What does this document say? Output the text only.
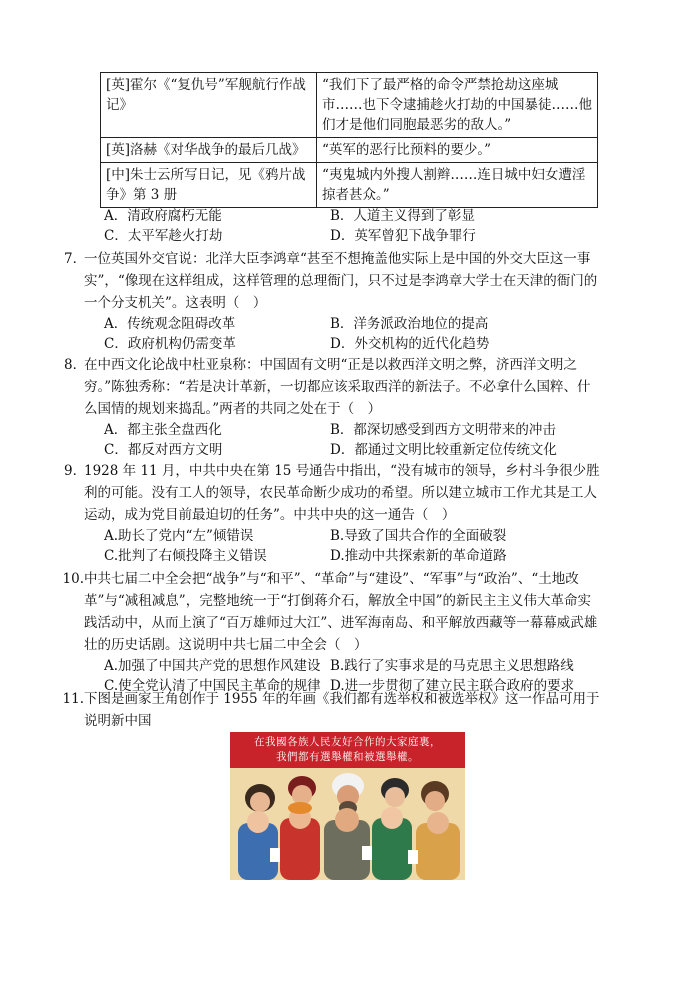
[英]霍尔《“复仇号”军舰航行作战记》	“我们下了最严格的命令严禁抢劫这座城市……也下令逮捕趁火打劫的中国暴徒……他们才是他们同胞最恶劣的敌人。”
[英]洛赫《对华战争的最后几战》	“英军的恶行比预料的要少。”
[中]朱士云所写日记，见《鸦片战争》第 3 册	“夷鬼城内外搜人割辫……连日城中妇女遭淫掠者甚众。”
A．清政府腐朽无能	B．人道主义得到了彰显
C．太平军趁火打劫	D．英军曾犯下战争罪行
7．

一位英国外交官说：北洋大臣李鸿章“甚至不想掩盖他实际上是中国的外交大臣这一事实”，“像现在这样组成，这样管理的总理衙门，只不过是李鸿章大学士在天津的衙门的一个分支机关”。这表明（　）

A．传统观念阻碍改革	B．洋务派政治地位的提高
C．政府机构仍需变革	D．外交机构的近代化趋势
8．

在中西文化论战中杜亚泉称：中国固有文明“正是以救西洋文明之弊，济西洋文明之穷。”陈独秀称：“若是决计革新，一切都应该采取西洋的新法子。不必拿什么国粹、什么国情的规划来捣乱。”两者的共同之处在于（　）

A．都主张全盘西化	B．都深切感受到西方文明带来的冲击
C．都反对西方文明	D．都通过文明比较重新定位传统文化
9．

1928 年 11 月，中共中央在第 15 号通告中指出，“没有城市的领导，乡村斗争很少胜利的可能。没有工人的领导，农民革命断少成功的希望。所以建立城市工作尤其是工人运动，成为党目前最迫切的任务”。中共中央的这一通告（　）

A.助长了党内“左”倾错误	B.导致了国共合作的全面破裂
C.批判了右倾投降主义错误	D.推动中共探索新的革命道路
10. 中共七届二中全会把“战争”与“和平”、“革命”与“建设”、“军事”与“政治”、“土地改革”与“减租减息”，完整地统一于“打倒蒋介石，解放全中国”的新民主主义伟大革命实践活动中，从而上演了“百万雄师过大江”、进军海南岛、和平解放西藏等一幕幕威武雄壮的历史话剧。这说明中共七届二中全会（　）

A.加强了中国共产党的思想作风建设 B.践行了实事求是的马克思主义思想路线
C.使全党认清了中国民主革命的规律 D.进一步贯彻了建立民主联合政府的要求
11. 下图是画家王角创作于 1955 年的年画《我们都有选举权和被选举权》这一作品可用于说明新中国

在我國各族人民友好合作的大家庭裏，
我們都有選舉權和被選舉權。
